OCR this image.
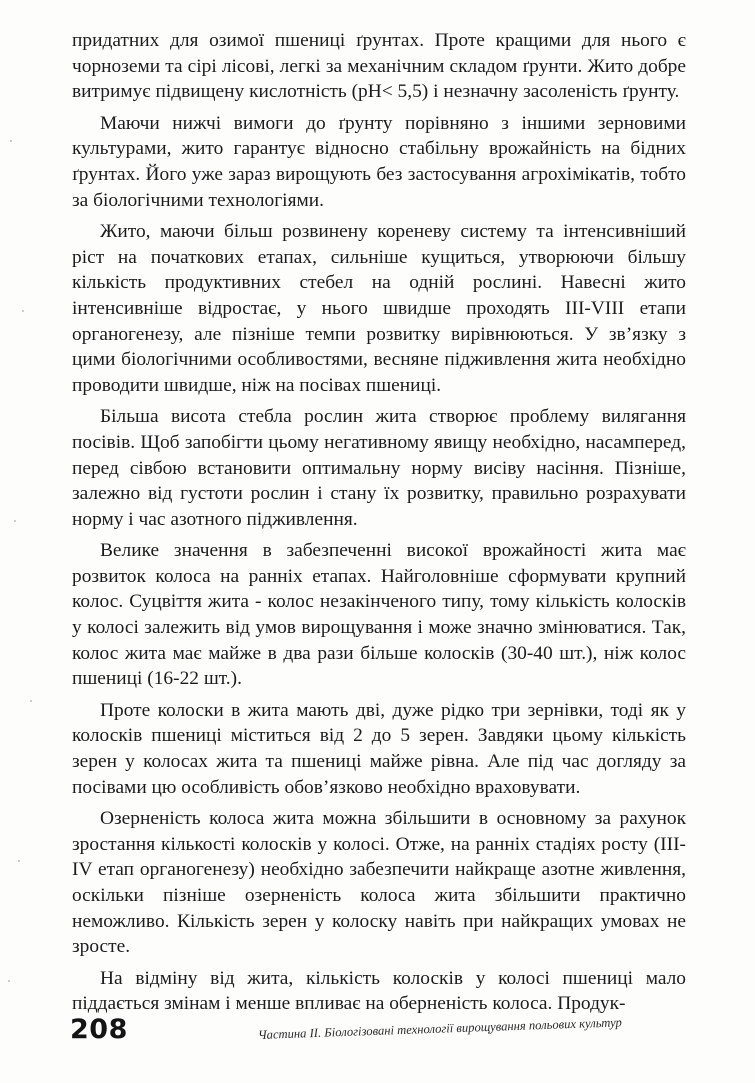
придатних для озимої пшениці ґрунтах. Проте кращими для нього є чорноземи та сірі лісові, легкі за механічним складом ґрунти. Жито добре витримує підвищену кислотність (pH< 5,5) і незначну засоленість ґрунту.

Маючи нижчі вимоги до ґрунту порівняно з іншими зерновими культурами, жито гарантує відносно стабільну врожайність на бідних ґрунтах. Його уже зараз вирощують без застосування агрохімікатів, тобто за біологічними технологіями.

Жито, маючи більш розвинену кореневу систему та інтенсивніший ріст на початкових етапах, сильніше кущиться, утворюючи більшу кількість продуктивних стебел на одній рослині. Навесні жито інтенсивніше відростає, у нього швидше проходять III-VIII етапи органогенезу, але пізніше темпи розвитку вирівнюються. У зв’язку з цими біологічними особливостями, весняне підживлення жита необхідно проводити швидше, ніж на посівах пшениці.

Більша висота стебла рослин жита створює проблему вилягання посівів. Щоб запобігти цьому негативному явищу необхідно, насамперед, перед сівбою встановити оптимальну норму висіву насіння. Пізніше, залежно від густоти рослин і стану їх розвитку, правильно розрахувати норму і час азотного підживлення.

Велике значення в забезпеченні високої врожайності жита має розвиток колоса на ранніх етапах. Найголовніше сформувати крупний колос. Суцвіття жита - колос незакінченого типу, тому кількість колосків у колосі залежить від умов вирощування і може значно змінюватися. Так, колос жита має майже в два рази більше колосків (30-40 шт.), ніж колос пшениці (16-22 шт.).

Проте колоски в жита мають дві, дуже рідко три зернівки, тоді як у колосків пшениці міститься від 2 до 5 зерен. Завдяки цьому кількість зерен у колосах жита та пшениці майже рівна. Але під час догляду за посівами цю особливість обов’язково необхідно враховувати.

Озерненість колоса жита можна збільшити в основному за рахунок зростання кількості колосків у колосі. Отже, на ранніх стадіях росту (III-IV етап органогенезу) необхідно забезпечити найкраще азотне живлення, оскільки пізніше озерненість колоса жита збільшити практично неможливо. Кількість зерен у колоску навіть при найкращих умовах не зросте.

На відміну від жита, кількість колосків у колосі пшениці мало піддається змінам і менше впливає на оберненість колоса. Продук-

208	Частина II. Біологізовані технології вирощування польових культур
